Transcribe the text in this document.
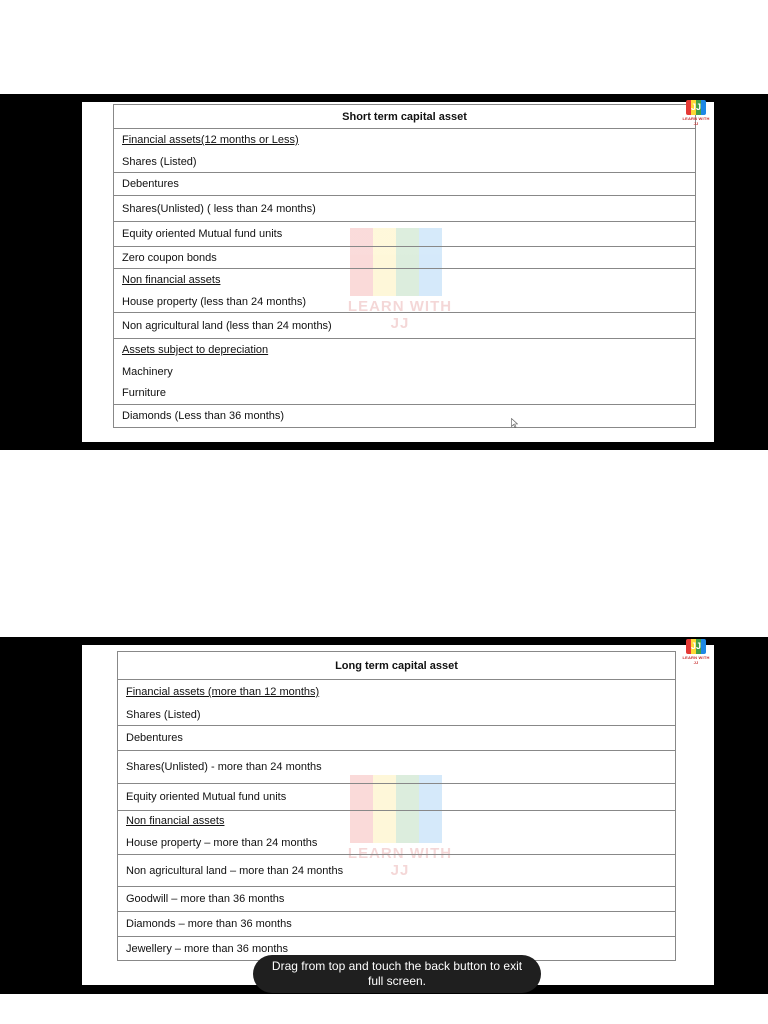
LEARN WITH JJ
Short term capital asset
Financial assets(12 months or Less)
Shares (Listed)
Debentures
Shares(Unlisted) ( less than 24 months)
Equity oriented Mutual fund units
Zero coupon bonds
Non financial assets
House property (less than 24 months)
Non agricultural land (less than 24 months)
Assets subject to depreciation
Machinery
Furniture
Diamonds (Less than 36 months)
JJ
LEARN WITH JJ
LEARN WITH JJ
Long term capital asset
Financial assets (more than 12 months)
Shares (Listed)
Debentures
Shares(Unlisted) - more than 24 months
Equity oriented Mutual fund units
Non financial assets
House property – more than 24 months
Non agricultural land – more than 24 months
Goodwill – more than 36 months
Diamonds – more than 36 months
Jewellery – more than 36 months
JJ
LEARN WITH JJ
Drag from top and touch the back button to exit full screen.
